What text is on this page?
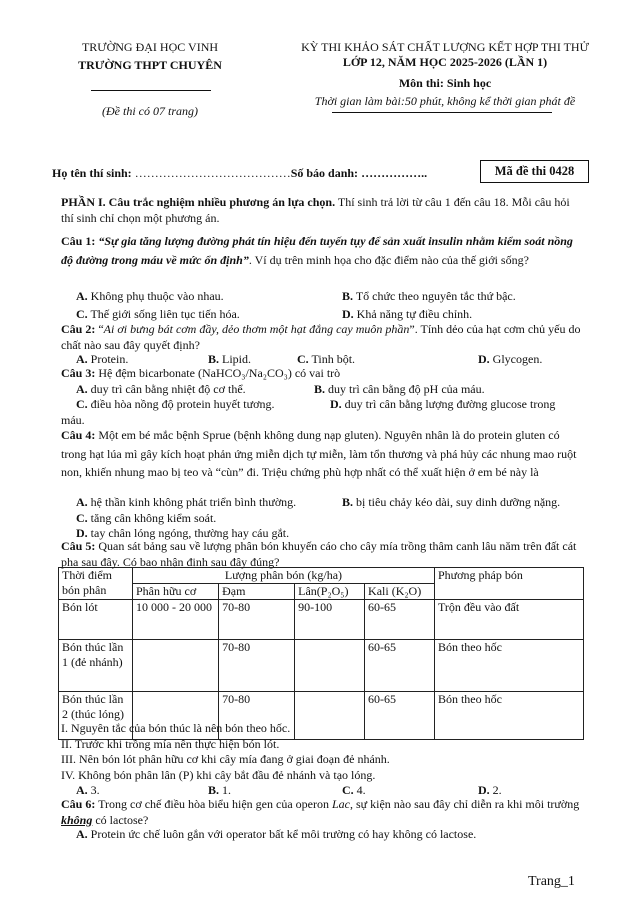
TRƯỜNG ĐẠI HỌC VINH
TRƯỜNG THPT CHUYÊN
(Đề thi có 07 trang)
KỲ THI KHẢO SÁT CHẤT LƯỢNG KẾT HỢP THI THỬ
LỚP 12, NĂM HỌC 2025-2026 (LẦN 1)
Môn thi: Sinh học
Thời gian làm bài:50 phút, không kể thời gian phát đề
Họ tên thí sinh: …………………………………Số báo danh: ……………..	Mã đề thi 0428
PHẦN I. Câu trắc nghiệm nhiều phương án lựa chọn. Thí sinh trả lời từ câu 1 đến câu 18. Mỗi câu hỏi thí sinh chỉ chọn một phương án.
Câu 1: “Sự gia tăng lượng đường phát tín hiệu đến tuyến tụy để sản xuất insulin nhằm kiểm soát nồng độ đường trong máu về mức ổn định”. Ví dụ trên minh họa cho đặc điểm nào của thế giới sống?
A. Không phụ thuộc vào nhau.	B. Tổ chức theo nguyên tắc thứ bậc.
C. Thế giới sống liên tục tiến hóa.	D. Khả năng tự điều chỉnh.
Câu 2: “Ai ơi bưng bát cơm đầy, dẻo thơm một hạt đắng cay muôn phần”. Tính dẻo của hạt cơm chủ yếu do chất nào sau đây quyết định?
A. Protein.	B. Lipid.	C. Tinh bột.	D. Glycogen.
Câu 3: Hệ đệm bicarbonate (NaHCO₃/Na₂CO₃) có vai trò
A. duy trì cân bằng nhiệt độ cơ thể.	B. duy trì cân bằng độ pH của máu.
C. điều hòa nồng độ protein huyết tương.	D. duy trì cân bằng lượng đường glucose trong máu.
Câu 4: Một em bé mắc bệnh Sprue (bệnh không dung nạp gluten). Nguyên nhân là do protein gluten có trong hạt lúa mì gây kích hoạt phản ứng miễn dịch tự miễn, làm tổn thương và phá hủy các nhung mao ruột non, khiến nhung mao bị teo và “cùn” đi. Triệu chứng phù hợp nhất có thể xuất hiện ở em bé này là
A. hệ thần kinh không phát triển bình thường.	B. bị tiêu chảy kéo dài, suy dinh dưỡng nặng.
C. tăng cân không kiểm soát.
D. tay chân lóng ngóng, thường hay cáu gắt.
Câu 5: Quan sát bảng sau về lượng phân bón khuyến cáo cho cây mía trồng thâm canh lâu năm trên đất cát pha sau đây. Có bao nhận định sau đây đúng?
Thời điểm bón phân	Lượng phân bón (kg/ha)				Phương pháp bón
	Phân hữu cơ	Đạm	Lân(P₂O₅)	Kali (K₂O)	
Bón lót	10 000 - 20 000	70-80	90-100	60-65	Trộn đều vào đất
Bón thúc lần 1 (đẻ nhánh)		70-80		60-65	Bón theo hốc
Bón thúc lần 2 (thúc lóng)		70-80		60-65	Bón theo hốc
I. Nguyên tắc của bón thúc là nên bón theo hốc.
II. Trước khi trồng mía nên thực hiện bón lót.
III. Nên bón lót phân hữu cơ khi cây mía đang ở giai đoạn đẻ nhánh.
IV. Không bón phân lân (P) khi cây bắt đầu đẻ nhánh và tạo lóng.
A. 3.	B. 1.	C. 4.	D. 2.
Câu 6: Trong cơ chế điều hòa biểu hiện gen của operon Lac, sự kiện nào sau đây chỉ diễn ra khi môi trường không có lactose?
A. Protein ức chế luôn gắn với operator bất kể môi trường có hay không có lactose.
Trang_1
